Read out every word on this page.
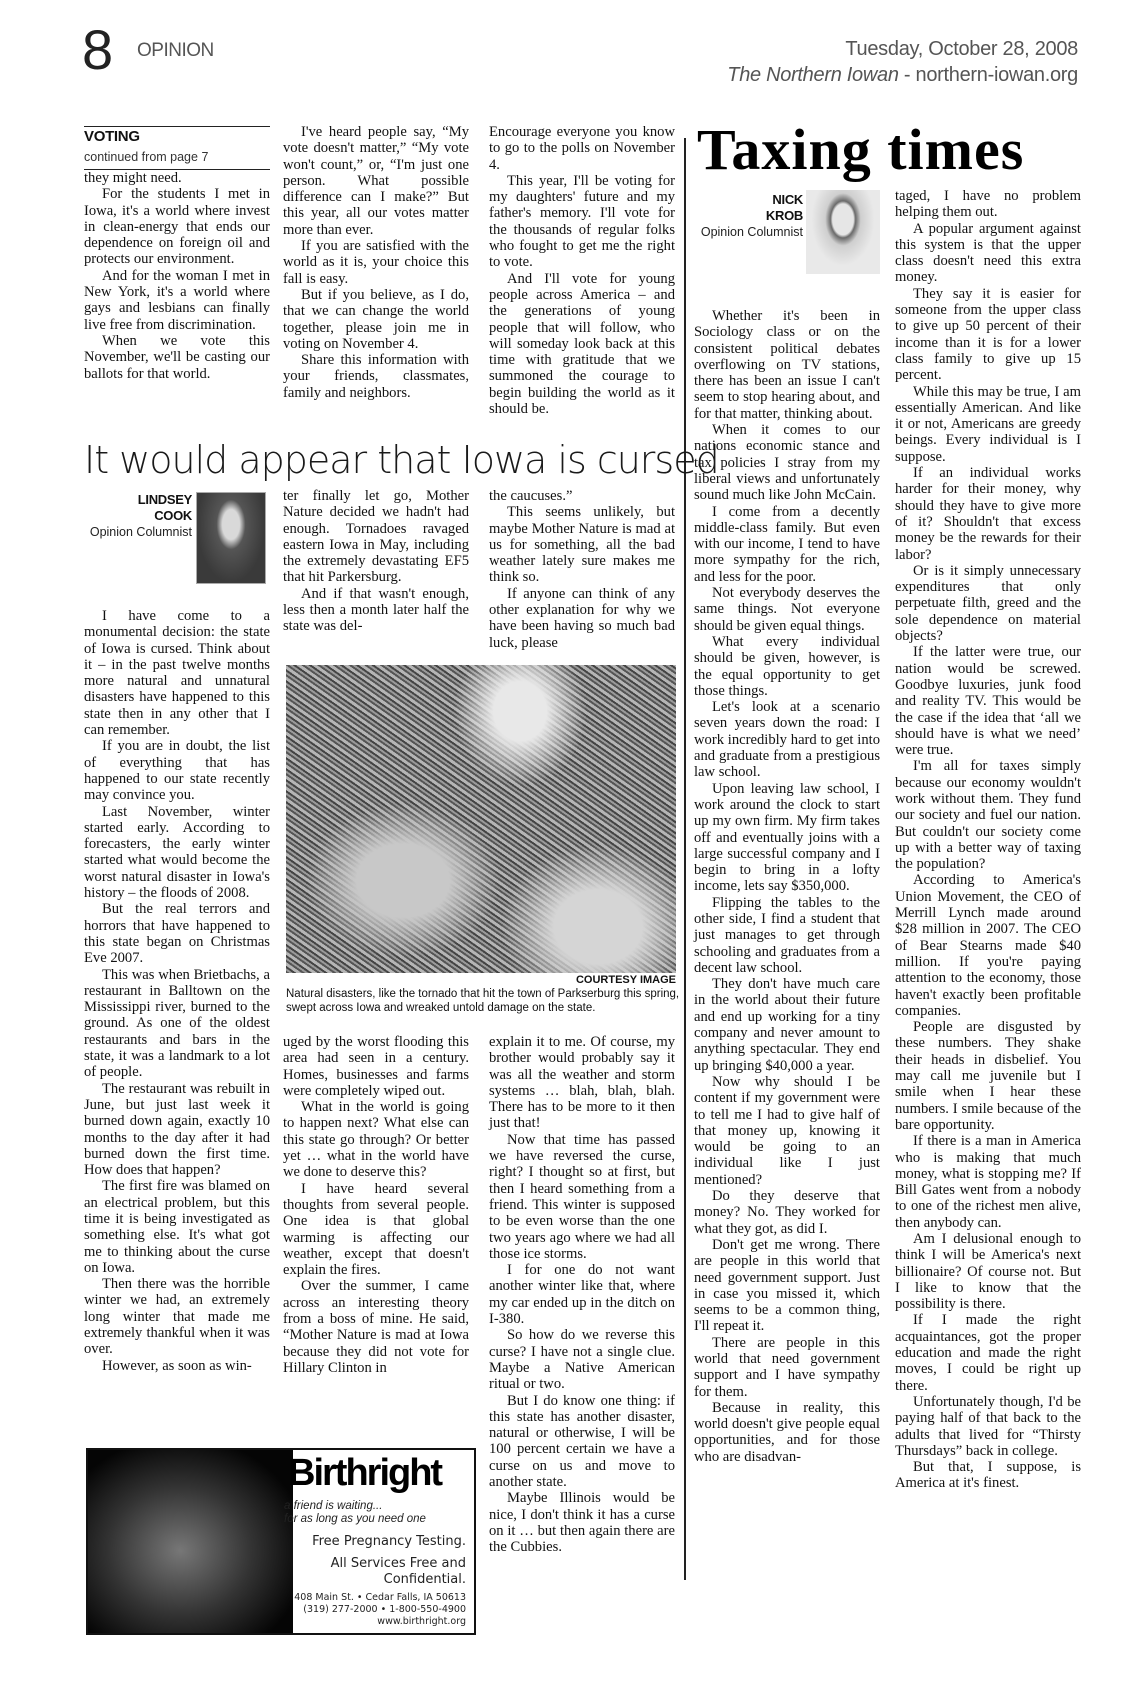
8 OPINION	Tuesday, October 28, 2008
The Northern Iowan - northern-iowan.org
VOTING
continued from page 7

they might need.

For the students I met in Iowa, it's a world where invest in clean-energy that ends our dependence on foreign oil and protects our environment.

And for the woman I met in New York, it's a world where gays and lesbians can finally live free from discrimination.

When we vote this November, we'll be casting our ballots for that world.

I've heard people say, “My vote doesn't matter,” “My vote won't count,” or, “I'm just one person. What possible difference can I make?” But this year, all our votes matter more than ever.

If you are satisfied with the world as it is, your choice this fall is easy.

But if you believe, as I do, that we can change the world together, please join me in voting on November 4.

Share this information with your friends, classmates, family and neighbors.

Encourage everyone you know to go to the polls on November 4.

This year, I'll be voting for my daughters' future and my father's memory. I'll vote for the thousands of regular folks who fought to get me the right to vote.

And I'll vote for young people across America – and the generations of young people that will follow, who will someday look back at this time with gratitude that we summoned the courage to begin building the world as it should be.

It would appear that Iowa is cursed
LINDSEY
COOK
Opinion Columnist

I have come to a monumental decision: the state of Iowa is cursed. Think about it – in the past twelve months more natural and unnatural disasters have happened to this state then in any other that I can remember.

If you are in doubt, the list of everything that has happened to our state recently may convince you.

Last November, winter started early. According to forecasters, the early winter started what would become the worst natural disaster in Iowa's history – the floods of 2008.

But the real terrors and horrors that have happened to this state began on Christmas Eve 2007.

This was when Brietbachs, a restaurant in Balltown on the Mississippi river, burned to the ground. As one of the oldest restaurants and bars in the state, it was a landmark to a lot of people.

The restaurant was rebuilt in June, but just last week it burned down again, exactly 10 months to the day after it had burned down the first time. How does that happen?

The first fire was blamed on an electrical problem, but this time it is being investigated as something else. It's what got me to thinking about the curse on Iowa.

Then there was the horrible winter we had, an extremely long winter that made me extremely thankful when it was over.

However, as soon as win-

ter finally let go, Mother Nature decided we hadn't had enough. Tornadoes ravaged eastern Iowa in May, including the extremely devastating EF5 that hit Parkersburg.

And if that wasn't enough, less then a month later half the state was del-

the caucuses.”

This seems unlikely, but maybe Mother Nature is mad at us for something, all the bad weather lately sure makes me think so.

If anyone can think of any other explanation for why we have been having so much bad luck, please

COURTESY IMAGE
Natural disasters, like the tornado that hit the town of Parkserburg this spring, swept across Iowa and wreaked untold damage on the state.

uged by the worst flooding this area had seen in a century. Homes, businesses and farms were completely wiped out.

What in the world is going to happen next? What else can this state go through? Or better yet … what in the world have we done to deserve this?

I have heard several thoughts from several people. One idea is that global warming is affecting our weather, except that doesn't explain the fires.

Over the summer, I came across an interesting theory from a boss of mine. He said, “Mother Nature is mad at Iowa because they did not vote for Hillary Clinton in

explain it to me. Of course, my brother would probably say it was all the weather and storm systems … blah, blah, blah. There has to be more to it then just that!

Now that time has passed we have reversed the curse, right? I thought so at first, but then I heard something from a friend. This winter is supposed to be even worse than the one two years ago where we had all those ice storms.

I for one do not want another winter like that, where my car ended up in the ditch on I-380.

So how do we reverse this curse? I have not a single clue. Maybe a Native American ritual or two.

But I do know one thing: if this state has another disaster, natural or otherwise, I will be 100 percent certain we have a curse on us and move to another state.

Maybe Illinois would be nice, I don't think it has a curse on it … but then again there are the Cubbies.

Birthright
a friend is waiting...
for as long as you need one
Free Pregnancy Testing.
All Services Free and
Confidential.
408 Main St. • Cedar Falls, IA 50613
(319) 277-2000 • 1-800-550-4900
www.birthright.org
Taxing times
NICK
KROB
Opinion Columnist

Whether it's been in Sociology class or on the consistent political debates overflowing on TV stations, there has been an issue I can't seem to stop hearing about, and for that matter, thinking about.

When it comes to our nations economic stance and tax policies I stray from my liberal views and unfortunately sound much like John McCain.

I come from a decently middle-class family. But even with our income, I tend to have more sympathy for the rich, and less for the poor.

Not everybody deserves the same things. Not everyone should be given equal things.

What every individual should be given, however, is the equal opportunity to get those things.

Let's look at a scenario seven years down the road: I work incredibly hard to get into and graduate from a prestigious law school.

Upon leaving law school, I work around the clock to start up my own firm. My firm takes off and eventually joins with a large successful company and I begin to bring in a lofty income, lets say $350,000.

Flipping the tables to the other side, I find a student that just manages to get through schooling and graduates from a decent law school.

They don't have much care in the world about their future and end up working for a tiny company and never amount to anything spectacular. They end up bringing $40,000 a year.

Now why should I be content if my government were to tell me I had to give half of that money up, knowing it would be going to an individual like I just mentioned?

Do they deserve that money? No. They worked for what they got, as did I.

Don't get me wrong. There are people in this world that need government support. Just in case you missed it, which seems to be a common thing, I'll repeat it.

There are people in this world that need government support and I have sympathy for them.

Because in reality, this world doesn't give people equal opportunities, and for those who are disadvan-

taged, I have no problem helping them out.

A popular argument against this system is that the upper class doesn't need this extra money.

They say it is easier for someone from the upper class to give up 50 percent of their income than it is for a lower class family to give up 15 percent.

While this may be true, I am essentially American. And like it or not, Americans are greedy beings. Every individual is I suppose.

If an individual works harder for their money, why should they have to give more of it? Shouldn't that excess money be the rewards for their labor?

Or is it simply unnecessary expenditures that only perpetuate filth, greed and the sole dependence on material objects?

If the latter were true, our nation would be screwed. Goodbye luxuries, junk food and reality TV. This would be the case if the idea that ‘all we should have is what we need’ were true.

I'm all for taxes simply because our economy wouldn't work without them. They fund our society and fuel our nation. But couldn't our society come up with a better way of taxing the population?

According to America's Union Movement, the CEO of Merrill Lynch made around $28 million in 2007. The CEO of Bear Stearns made $40 million. If you're paying attention to the economy, those haven't exactly been profitable companies.

People are disgusted by these numbers. They shake their heads in disbelief. You may call me juvenile but I smile when I hear these numbers. I smile because of the bare opportunity.

If there is a man in America who is making that much money, what is stopping me? If Bill Gates went from a nobody to one of the richest men alive, then anybody can.

Am I delusional enough to think I will be America's next billionaire? Of course not. But I like to know that the possibility is there.

If I made the right acquaintances, got the proper education and made the right moves, I could be right up there.

Unfortunately though, I'd be paying half of that back to the adults that lived for “Thirsty Thursdays” back in college.

But that, I suppose, is America at it's finest.
